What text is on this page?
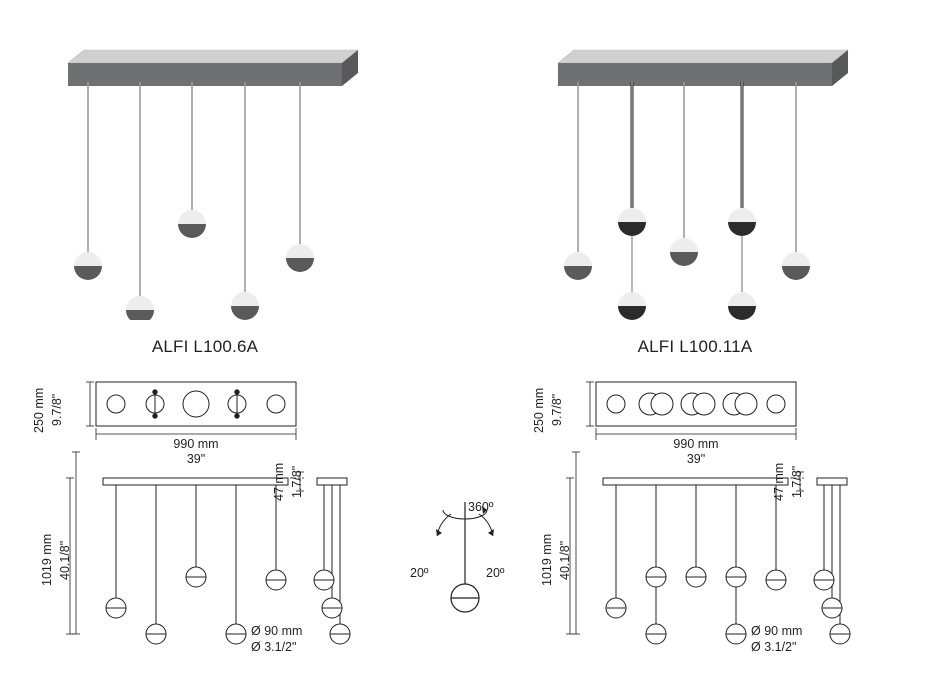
ALFI L100.6A	ALFI L100.11A
250 mm 9.7/8"
990 mm
39"
1019 mm 40.1/8"
47 mm 1.7/8"
Ø 90 mm
Ø 3.1/2"
360º
20º	20º
250 mm 9.7/8"
990 mm
39"
1019 mm 40.1/8"
47 mm 1.7/8"
Ø 90 mm
Ø 3.1/2"
